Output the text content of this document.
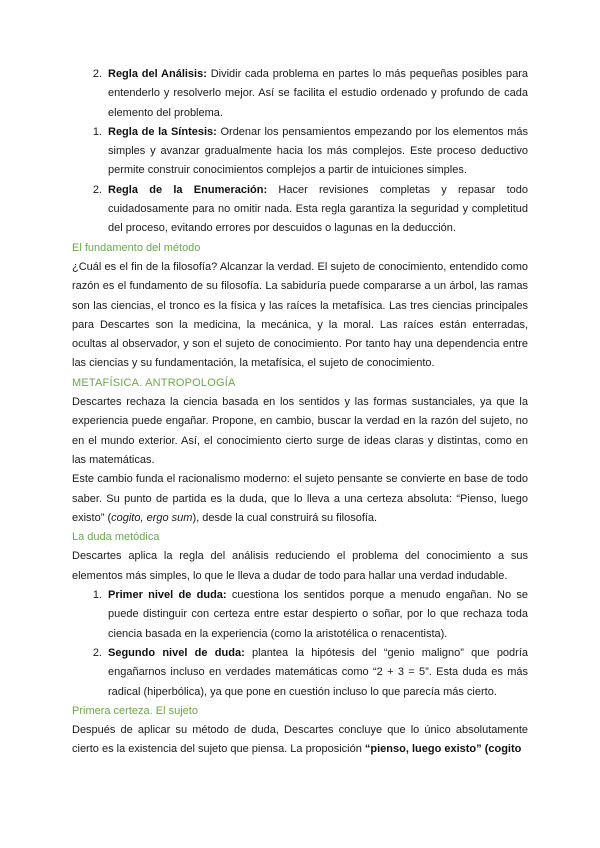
2. Regla del Análisis: Dividir cada problema en partes lo más pequeñas posibles para entenderlo y resolverlo mejor. Así se facilita el estudio ordenado y profundo de cada elemento del problema.
1. Regla de la Síntesis: Ordenar los pensamientos empezando por los elementos más simples y avanzar gradualmente hacia los más complejos. Este proceso deductivo permite construir conocimientos complejos a partir de intuiciones simples.
2. Regla de la Enumeración: Hacer revisiones completas y repasar todo cuidadosamente para no omitir nada. Esta regla garantiza la seguridad y completitud del proceso, evitando errores por descuidos o lagunas en la deducción.

El fundamento del método

¿Cuál es el fin de la filosofía? Alcanzar la verdad. El sujeto de conocimiento, entendido como razón es el fundamento de su filosofía. La sabiduría puede compararse a un árbol, las ramas son las ciencias, el tronco es la física y las raíces la metafísica. Las tres ciencias principales para Descartes son la medicina, la mecánica, y la moral. Las raíces están enterradas, ocultas al observador, y son el sujeto de conocimiento. Por tanto hay una dependencia entre las ciencias y su fundamentación, la metafísica, el sujeto de conocimiento.

METAFÍSICA. ANTROPOLOGÍA

Descartes rechaza la ciencia basada en los sentidos y las formas sustanciales, ya que la experiencia puede engañar. Propone, en cambio, buscar la verdad en la razón del sujeto, no en el mundo exterior. Así, el conocimiento cierto surge de ideas claras y distintas, como en las matemáticas.

Este cambio funda el racionalismo moderno: el sujeto pensante se convierte en base de todo saber. Su punto de partida es la duda, que lo lleva a una certeza absoluta: “Pienso, luego existo” (cogito, ergo sum), desde la cual construirá su filosofía.

La duda metódica

Descartes aplica la regla del análisis reduciendo el problema del conocimiento a sus elementos más simples, lo que le lleva a dudar de todo para hallar una verdad indudable.

1. Primer nivel de duda: cuestiona los sentidos porque a menudo engañan. No se puede distinguir con certeza entre estar despierto o soñar, por lo que rechaza toda ciencia basada en la experiencia (como la aristotélica o renacentista).
2. Segundo nivel de duda: plantea la hipótesis del “genio maligno” que podría engañarnos incluso en verdades matemáticas como “2 + 3 = 5”. Esta duda es más radical (hiperbólica), ya que pone en cuestión incluso lo que parecía más cierto.

Primera certeza. El sujeto

Después de aplicar su método de duda, Descartes concluye que lo único absolutamente cierto es la existencia del sujeto que piensa. La proposición “pienso, luego existo” (cogito
